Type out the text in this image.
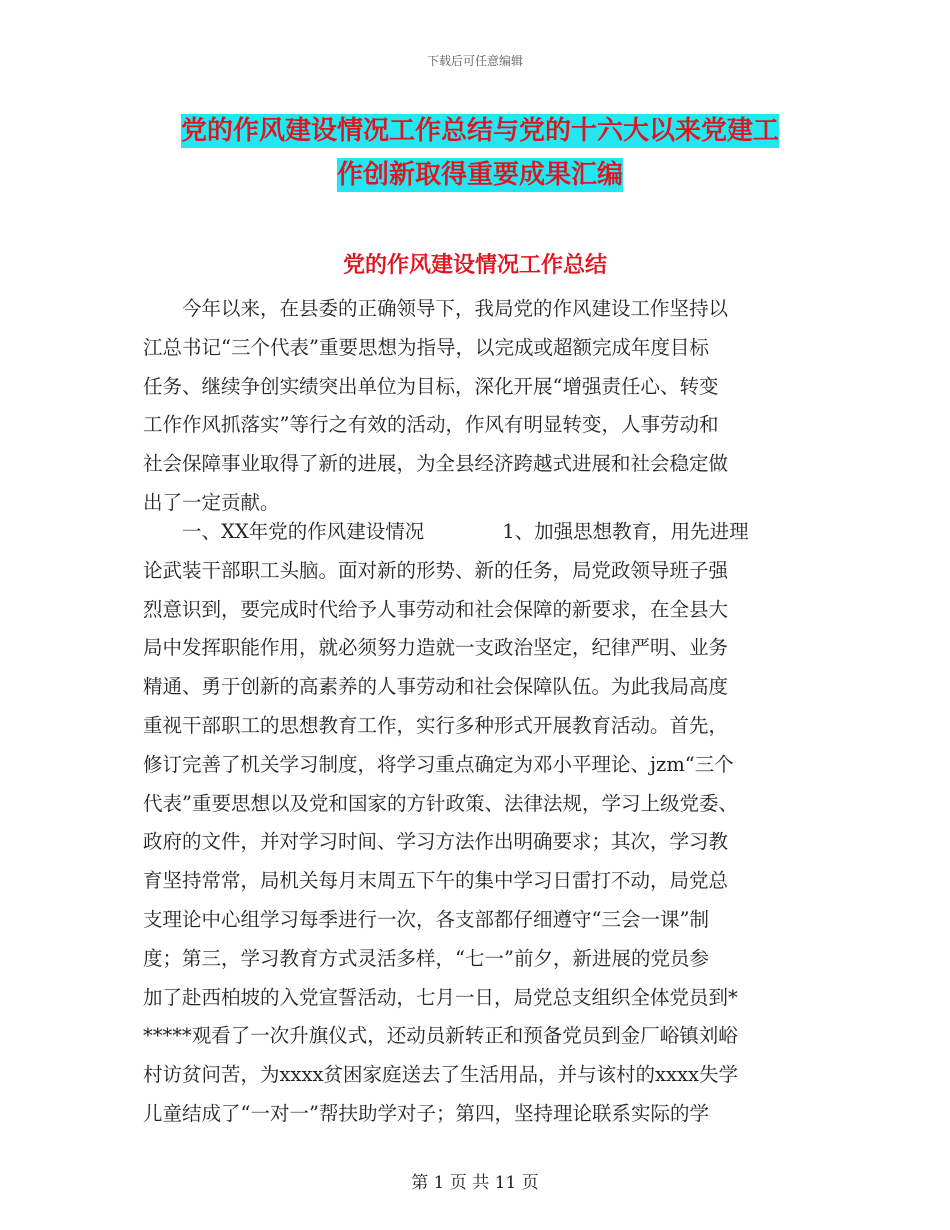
下载后可任意编辑
党的作风建设情况工作总结与党的十六大以来党建工
作创新取得重要成果汇编
党的作风建设情况工作总结
　　今年以来，在县委的正确领导下，我局党的作风建设工作坚持以
江总书记“三个代表”重要思想为指导，以完成或超额完成年度目标
任务、继续争创实绩突出单位为目标，深化开展“增强责任心、转变
工作作风抓落实”等行之有效的活动，作风有明显转变，人事劳动和
社会保障事业取得了新的进展，为全县经济跨越式进展和社会稳定做
出了一定贡献。
　　一、XX年党的作风建设情况　　　　1、加强思想教育，用先进理
论武装干部职工头脑。面对新的形势、新的任务，局党政领导班子强
烈意识到，要完成时代给予人事劳动和社会保障的新要求，在全县大
局中发挥职能作用，就必须努力造就一支政治坚定，纪律严明、业务
精通、勇于创新的高素养的人事劳动和社会保障队伍。为此我局高度
重视干部职工的思想教育工作，实行多种形式开展教育活动。首先，
修订完善了机关学习制度，将学习重点确定为邓小平理论、jzm“三个
代表”重要思想以及党和国家的方针政策、法律法规，学习上级党委、
政府的文件，并对学习时间、学习方法作出明确要求；其次，学习教
育坚持常常，局机关每月末周五下午的集中学习日雷打不动，局党总
支理论中心组学习每季进行一次，各支部都仔细遵守“三会一课”制
度；第三，学习教育方式灵活多样，“七一”前夕，新进展的党员参
加了赴西柏坡的入党宣誓活动，七月一日，局党总支组织全体党员到*
*****观看了一次升旗仪式，还动员新转正和预备党员到金厂峪镇刘峪
村访贫问苦，为xxxx贫困家庭送去了生活用品，并与该村的xxxx失学
儿童结成了“一对一”帮扶助学对子；第四，坚持理论联系实际的学
第 1 页 共 11 页
